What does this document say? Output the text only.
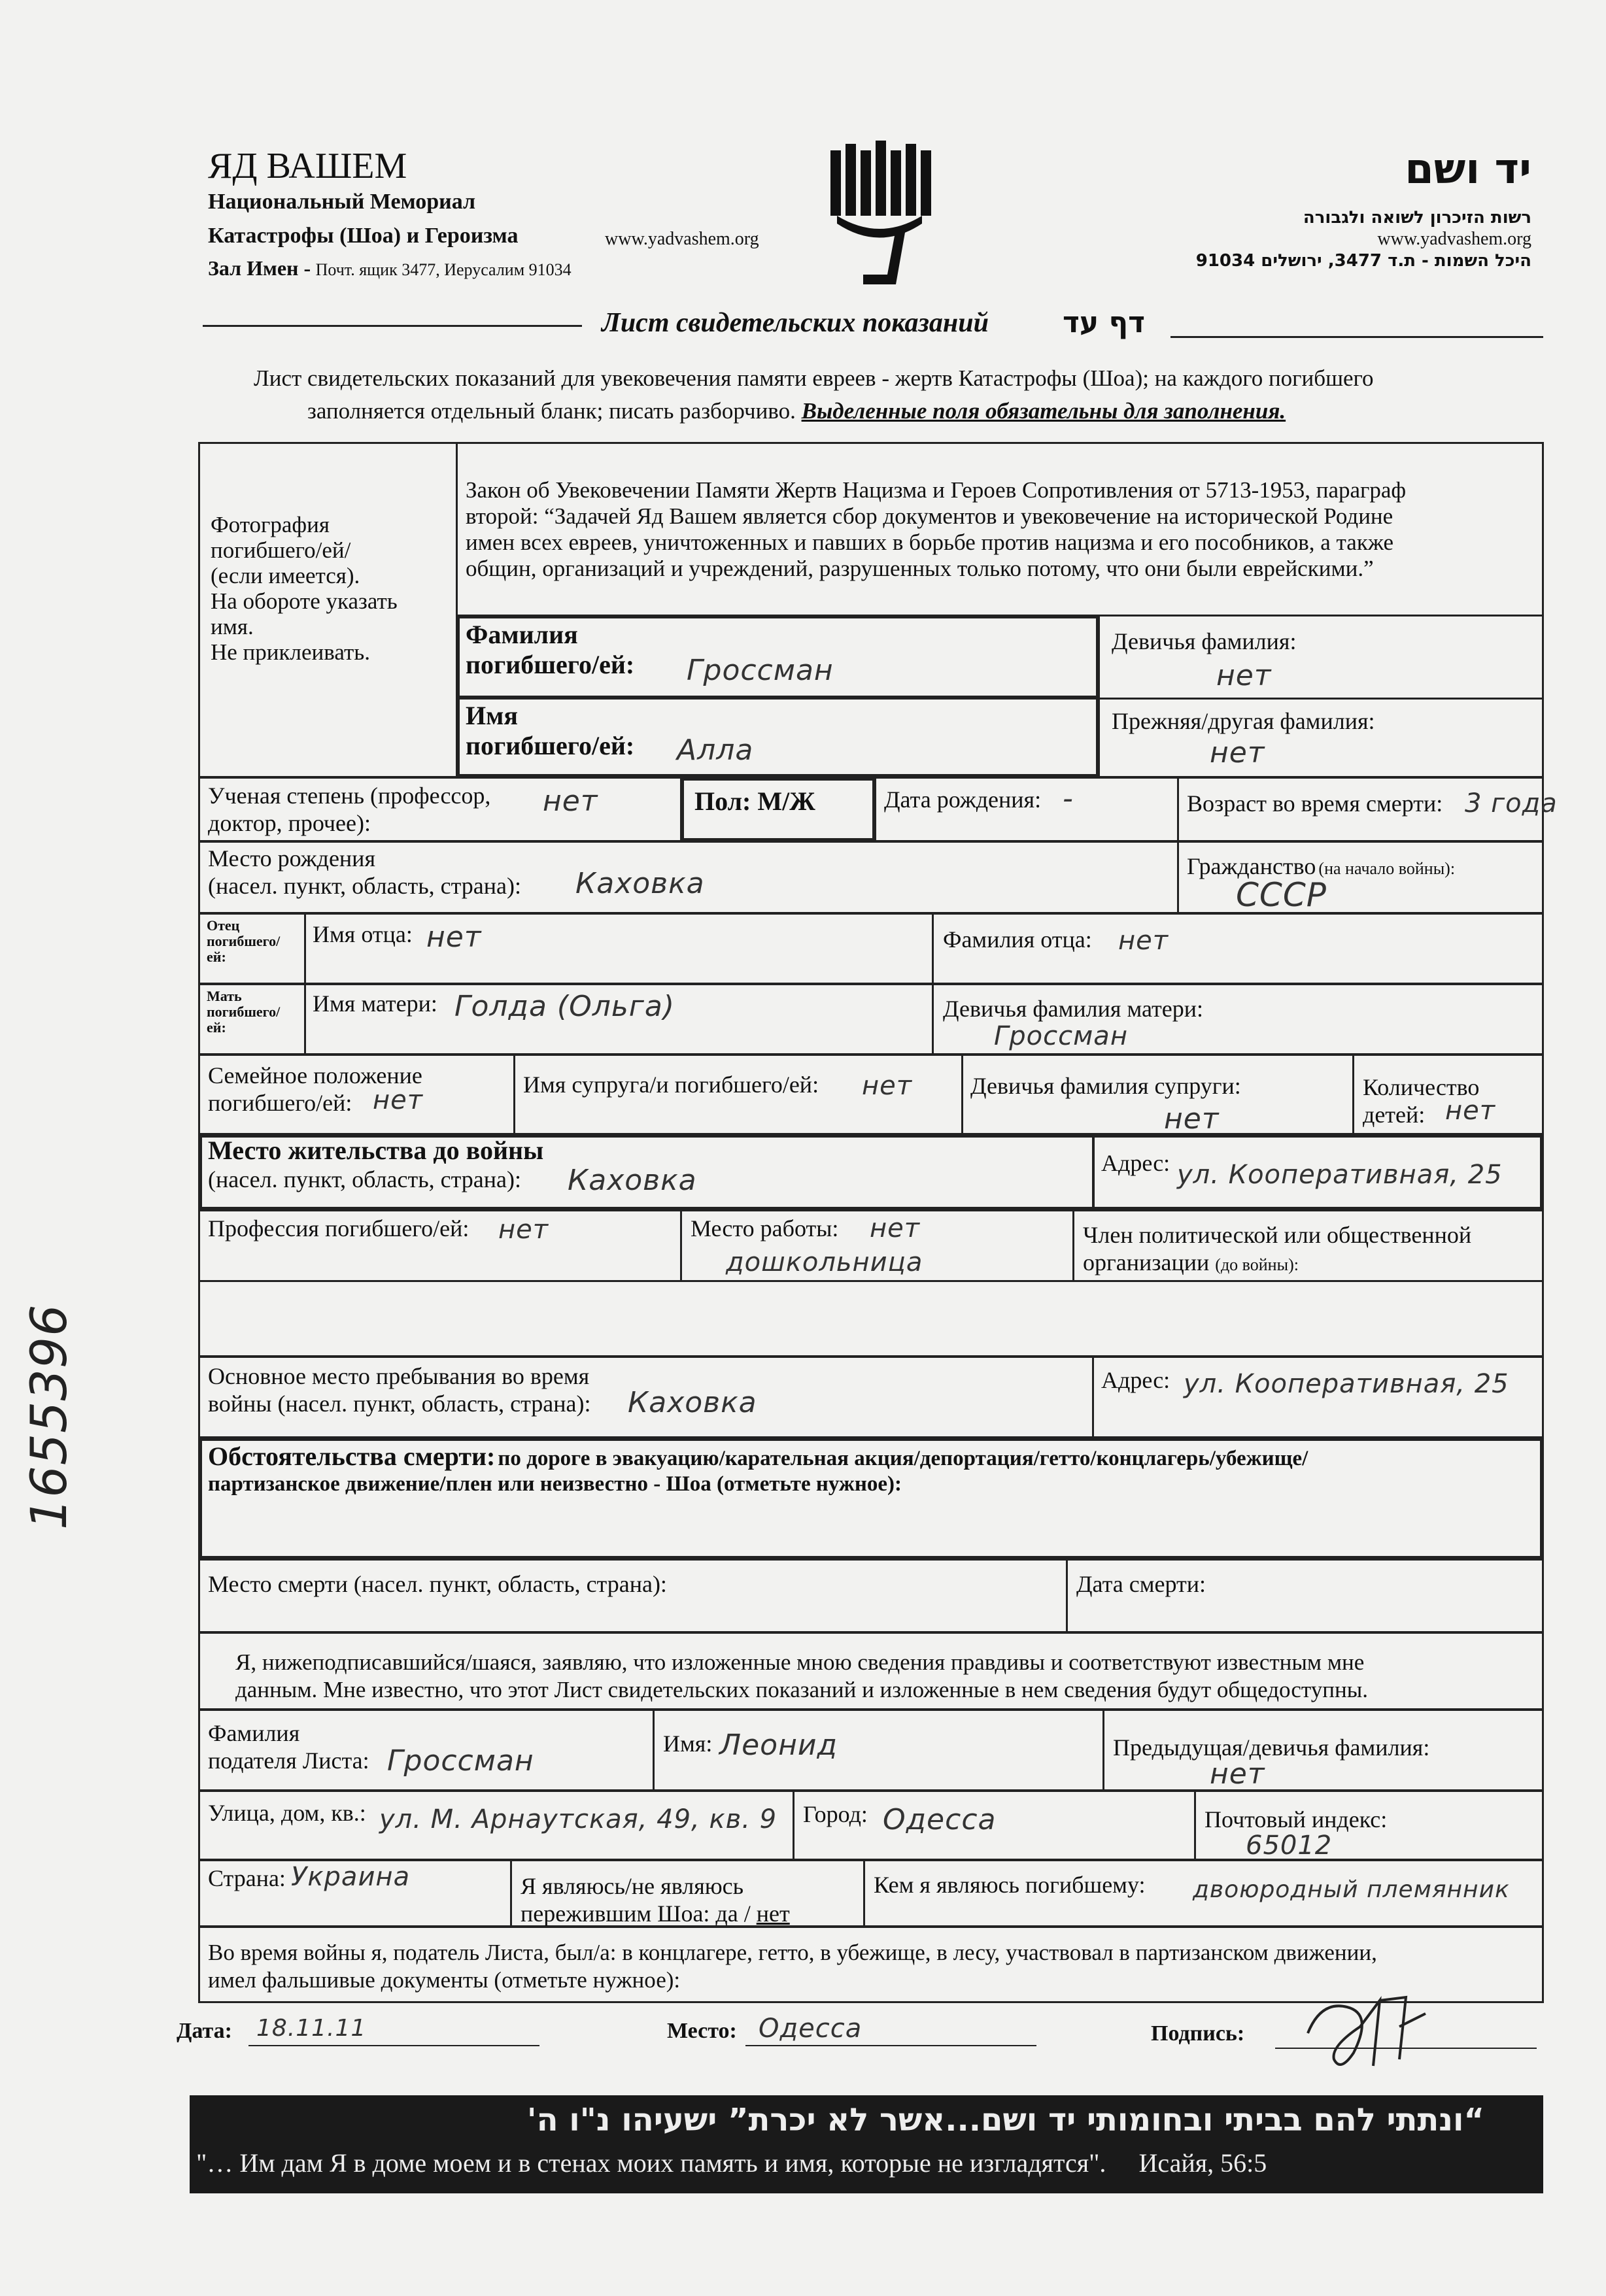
ЯД ВАШЕМ
Национальный Мемориал
Катастрофы (Шоа) и Героизма	www.yadvashem.org
Зал Имен - Почт. ящик 3477, Иерусалим 91034
יד ושם
רשות הזיכרון לשואה ולגבורה
www.yadvashem.org
היכל השמות - ת.ד 3477, ירושלים 91034
Лист свидетельских показаний	דף עד
Лист свидетельских показаний для увековечения памяти евреев - жертв Катастрофы (Шоа); на каждого погибшего
заполняется отдельный бланк; писать разборчиво. Выделенные поля обязательны для заполнения.
Фотография
погибшего/ей/
(если имеется).
На обороте указать
имя.
Не приклеивать.
Закон об Увековечении Памяти Жертв Нацизма и Героев Сопротивления от 5713-1953, параграф
второй: “Задачей Яд Вашем является сбор документов и увековечение на исторической Родине
имен всех евреев, уничтоженных и павших в борьбе против нацизма и его пособников, а также
общин, организаций и учреждений, разрушенных только потому, что они были еврейскими.”
Фамилия
погибшего/ей: Гроссман
Девичья фамилия:
нет
Имя
погибшего/ей: Алла
Прежняя/другая фамилия:
нет
Ученая степень (профессор,
доктор, прочее):
нет	Пол: М/Ж	Дата рождения: -	Возраст во время смерти: 3 года
Место рождения
(насел. пункт, область, страна): Каховка
Гражданство (на начало войны):
СССР
Отец
погибшего/
ей:
Имя отца: нет	Фамилия отца: нет
Мать
погибшего/
ей:
Имя матери: Голда (Ольга)	Девичья фамилия матери:
Гроссман
Семейное положение
погибшего/ей: нет
Имя супруга/и погибшего/ей: нет Девичья фамилия супруги:
нет
Количество
детей: нет
Место жительства до войны
(насел. пункт, область, страна):	Каховка
Адрес: ул. Кооперативная, 25
Профессия погибшего/ей: нет	Место работы: нет
дошкольница
Член политической или общественной
организации (до войны):
Основное место пребывания во время
войны (насел. пункт, область, страна): Каховка
Адрес: ул. Кооперативная, 25
Обстоятельства смерти: по дороге в эвакуацию/карательная акция/депортация/гетто/концлагерь/убежище/
партизанское движение/плен или неизвестно - Шоа (отметьте нужное):
Место смерти (насел. пункт, область, страна):	Дата смерти:
Я, нижеподписавшийся/шаяся, заявляю, что изложенные мною сведения правдивы и соответствуют известным мне
данным. Мне известно, что этот Лист свидетельских показаний и изложенные в нем сведения будут общедоступны.
Фамилия
подателя Листа: Гроссман
Имя: Леонид	Предыдущая/девичья фамилия:
нет
Улица, дом, кв.: ул. М. Арнаутская, 49, кв. 9 Город: Одесса	Почтовый индекс:
65012
Страна: Украина	Я являюсь/не являюсь
пережившим Шоа: да / нет
Кем я являюсь погибшему: двоюродный племянник
Во время войны я, податель Листа, был/а: в концлагере, гетто, в убежище, в лесу, участвовал в партизанском движении,
имел фальшивые документы (отметьте нужное):
Дата: 18.11.11	Место: Одесса	Подпись:
“ונתתי להם בביתי ובחומותי יד ושם...אשר לא יכרת” ישעיהו נ"ו ה'
"… Им дам Я в доме моем и в стенах моих память и имя, которые не изгладятся". Исайя, 56:5
1655396
